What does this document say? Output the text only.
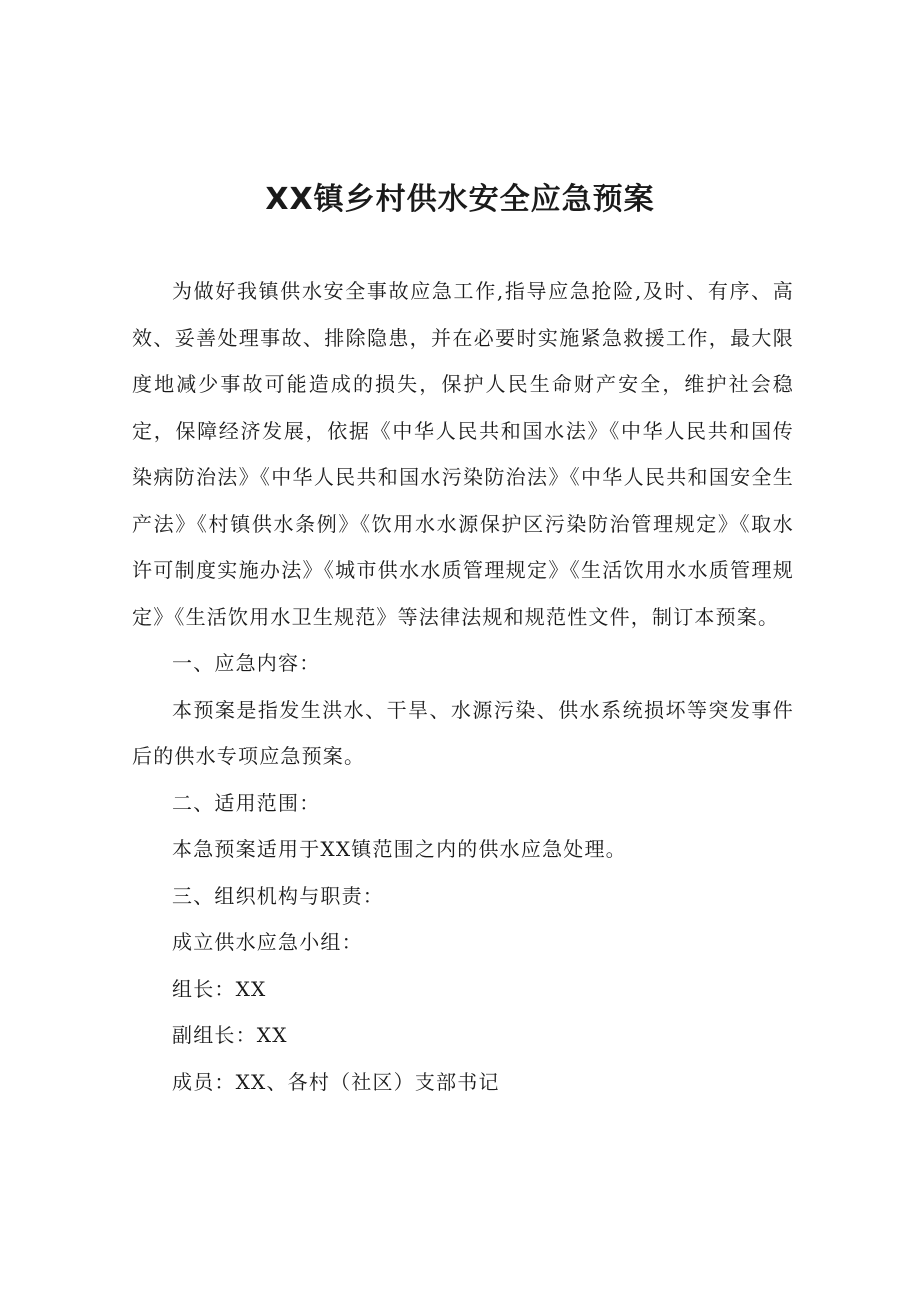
XX镇乡村供水安全应急预案

为做好我镇供水安全事故应急工作,指导应急抢险,及时、有序、高效、妥善处理事故、排除隐患，并在必要时实施紧急救援工作，最大限度地减少事故可能造成的损失，保护人民生命财产安全，维护社会稳定，保障经济发展，依据《中华人民共和国水法》《中华人民共和国传染病防治法》《中华人民共和国水污染防治法》《中华人民共和国安全生产法》《村镇供水条例》《饮用水水源保护区污染防治管理规定》《取水许可制度实施办法》《城市供水水质管理规定》《生活饮用水水质管理规定》《生活饮用水卫生规范》等法律法规和规范性文件，制订本预案。

一、应急内容：

本预案是指发生洪水、干旱、水源污染、供水系统损坏等突发事件后的供水专项应急预案。

二、适用范围：

本急预案适用于XX镇范围之内的供水应急处理。

三、组织机构与职责：

成立供水应急小组：

组长：XX

副组长：XX

成员：XX、各村（社区）支部书记
